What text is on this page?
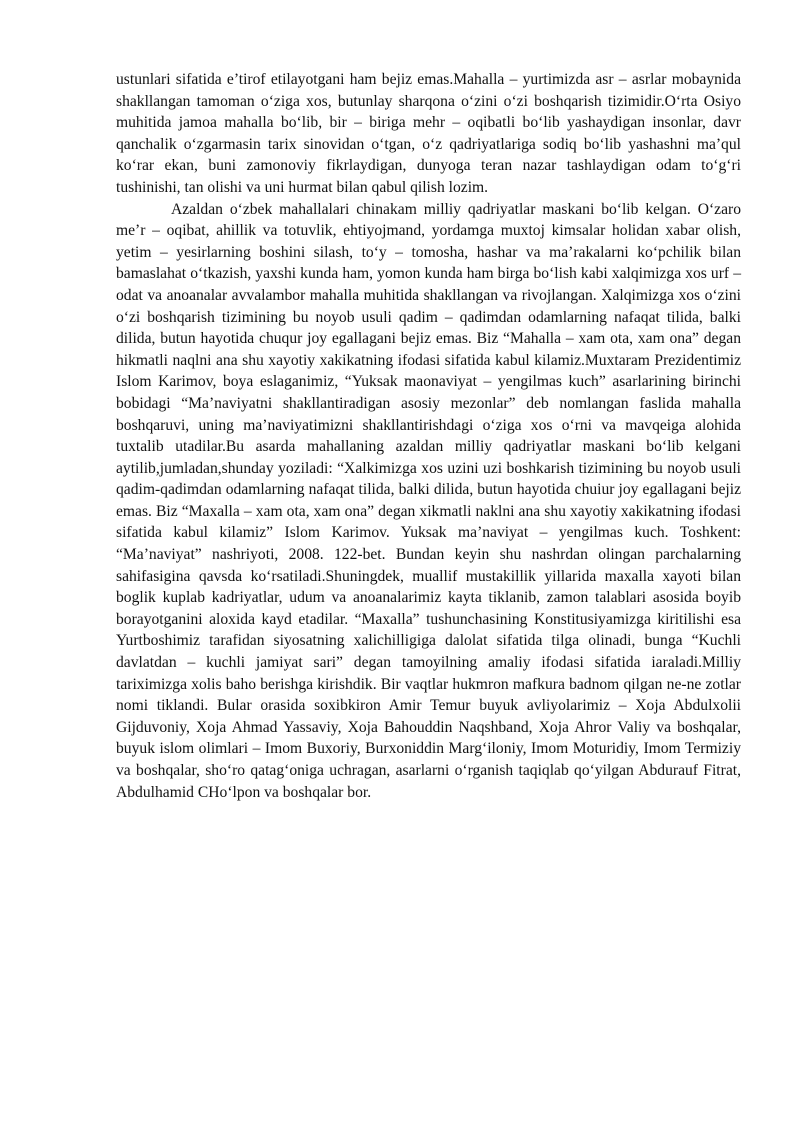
ustunlari sifatida e’tirof etilayotgani ham bejiz emas.Mahalla – yurtimizda asr – asrlar mobaynida shakllangan tamoman o‘ziga xos, butunlay sharqona o‘zini o‘zi boshqarish tizimidir.O‘rta Osiyo muhitida jamoa mahalla bo‘lib, bir – biriga mehr – oqibatli bo‘lib yashaydigan insonlar, davr qanchalik o‘zgarmasin tarix sinovidan o‘tgan, o‘z qadriyatlariga sodiq bo‘lib yashashni ma’qul ko‘rar ekan, buni zamonoviy fikrlaydigan, dunyoga teran nazar tashlaydigan odam to‘g‘ri tushinishi, tan olishi va uni hurmat bilan qabul qilish lozim.

Azaldan o‘zbek mahallalari chinakam milliy qadriyatlar maskani bo‘lib kelgan. O‘zaro me’r – oqibat, ahillik va totuvlik, ehtiyojmand, yordamga muxtoj kimsalar holidan xabar olish, yetim – yesirlarning boshini silash, to‘y – tomosha, hashar va ma’rakalarni ko‘pchilik bilan bamaslahat o‘tkazish, yaxshi kunda ham, yomon kunda ham birga bo‘lish kabi xalqimizga xos urf – odat va anoanalar avvalambor mahalla muhitida shakllangan va rivojlangan. Xalqimizga xos o‘zini o‘zi boshqarish tizimining bu noyob usuli qadim – qadimdan odamlarning nafaqat tilida, balki dilida, butun hayotida chuqur joy egallagani bejiz emas. Biz “Mahalla – xam ota, xam ona” degan hikmatli naqlni ana shu xayotiy xakikatning ifodasi sifatida kabul kilamiz.Muxtaram Prezidentimiz Islom Karimov, boya eslaganimiz, “Yuksak maonaviyat – yengilmas kuch” asarlarining birinchi bobidagi “Ma’naviyatni shakllantiradigan asosiy mezonlar” deb nomlangan faslida mahalla boshqaruvi, uning ma’naviyatimizni shakllantirishdagi o‘ziga xos o‘rni va mavqeiga alohida tuxtalib utadilar.Bu asarda mahallaning azaldan milliy qadriyatlar maskani bo‘lib kelgani aytilib,jumladan,shunday yoziladi: “Xalkimizga xos uzini uzi boshkarish tizimining bu noyob usuli qadim-qadimdan odamlarning nafaqat tilida, balki dilida, butun hayotida chuiur joy egallagani bejiz emas. Biz “Maxalla – xam ota, xam ona” degan xikmatli naklni ana shu xayotiy xakikatning ifodasi sifatida kabul kilamiz” Islom Karimov. Yuksak ma’naviyat – yengilmas kuch. Toshkent: “Ma’naviyat” nashriyoti, 2008. 122-bet. Bundan keyin shu nashrdan olingan parchalarning sahifasigina qavsda ko‘rsatiladi.Shuningdek, muallif mustakillik yillarida maxalla xayoti bilan boglik kuplab kadriyatlar, udum va anoanalarimiz kayta tiklanib, zamon talablari asosida boyib borayotganini aloxida kayd etadilar. “Maxalla” tushunchasining Konstitusiyamizga kiritilishi esa Yurtboshimiz tarafidan siyosatning xalichilligiga dalolat sifatida tilga olinadi, bunga “Kuchli davlatdan – kuchli jamiyat sari” degan tamoyilning amaliy ifodasi sifatida iaraladi.Milliy tariximizga xolis baho berishga kirishdik. Bir vaqtlar hukmron mafkura badnom qilgan ne-ne zotlar nomi tiklandi. Bular orasida soxibkiron Amir Temur buyuk avliyolarimiz – Xoja Abdulxolii Gijduvoniy, Xoja Ahmad Yassaviy, Xoja Bahouddin Naqshband, Xoja Ahror Valiy va boshqalar, buyuk islom olimlari – Imom Buxoriy, Burxoniddin Marg‘iloniy, Imom Moturidiy, Imom Termiziy va boshqalar, sho‘ro qatag‘oniga uchragan, asarlarni o‘rganish taqiqlab qo‘yilgan Abdurauf Fitrat, Abdulhamid CHo‘lpon va boshqalar bor.
